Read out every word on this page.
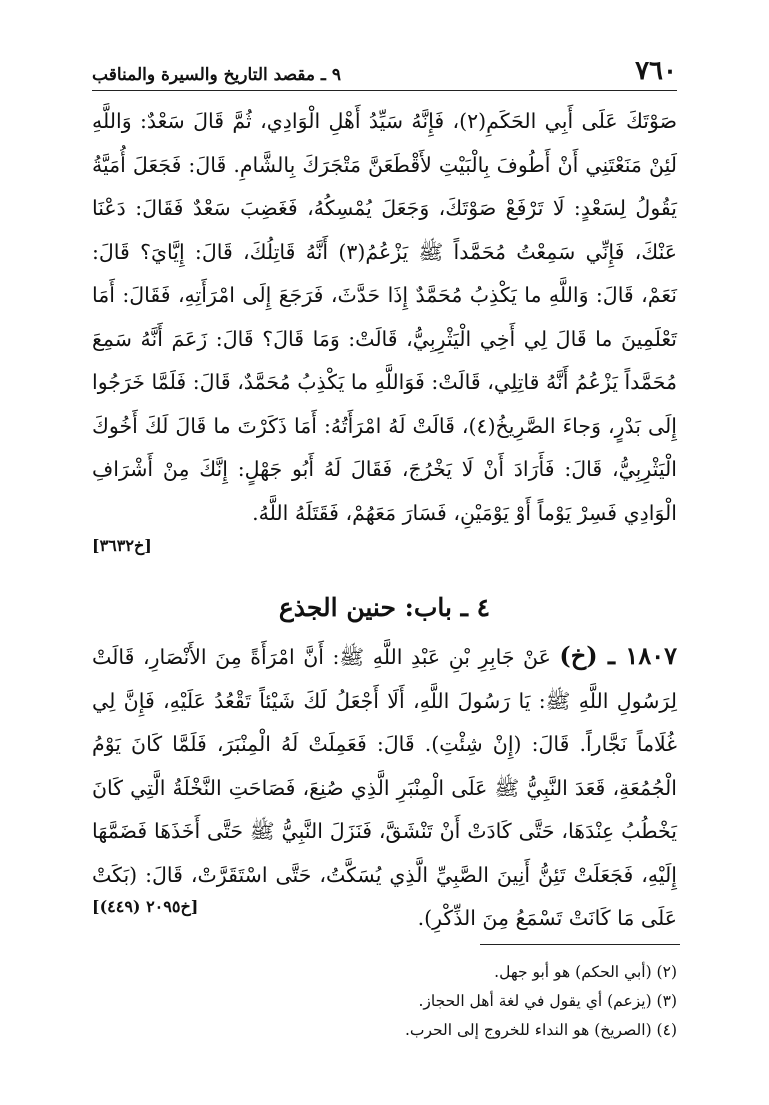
٧٦٠
٩ ـ مقصد التاريخ والسيرة والمناقب

صَوْتَكَ عَلَى أَبِي الحَكَمِ(٢)، فَإِنَّهُ سَيِّدُ أَهْلِ الْوَادِي، ثُمَّ قَالَ سَعْدٌ: وَاللَّهِ لَئِنْ مَنَعْتَنِي أَنْ أَطُوفَ بِالْبَيْتِ لأَقْطَعَنَّ مَتْجَرَكَ بِالشَّامِ. قَالَ: فَجَعَلَ أُمَيَّةُ يَقُولُ لِسَعْدٍ: لَا تَرْفَعْ صَوْتَكَ، وَجَعَلَ يُمْسِكُهُ، فَغَضِبَ سَعْدٌ فَقَالَ: دَعْنَا عَنْكَ، فَإِنِّي سَمِعْتُ مُحَمَّداً ﷺ يَزْعُمُ(٣) أَنَّهُ قَاتِلُكَ، قَالَ: إِيَّايَ؟ قَالَ: نَعَمْ، قَالَ: وَاللَّهِ ما يَكْذِبُ مُحَمَّدٌ إِذَا حَدَّثَ، فَرَجَعَ إِلَى امْرَأَتِهِ، فَقَالَ: أَمَا تَعْلَمِينَ ما قَالَ لِي أَخِي الْيَثْرِبِيُّ، قَالَتْ: وَمَا قَالَ؟ قَالَ: زَعَمَ أَنَّهُ سَمِعَ مُحَمَّداً يَزْعُمُ أَنَّهُ قاتِلِي، قَالَتْ: فَوَاللَّهِ ما يَكْذِبُ مُحَمَّدٌ، قَالَ: فَلَمَّا خَرَجُوا إِلَى بَدْرٍ، وَجاءَ الصَّرِيخُ(٤)، قَالَتْ لَهُ امْرَأَتُهُ: أَمَا ذَكَرْتَ ما قَالَ لَكَ أَخُوكَ الْيَثْرِبِيُّ، قَالَ: فَأَرَادَ أَنْ لَا يَخْرُجَ، فَقَالَ لَهُ أَبُو جَهْلٍ: إِنَّكَ مِنْ أَشْرَافِ الْوَادِي فَسِرْ يَوْماً أَوْ يَوْمَيْنِ، فَسَارَ مَعَهُمْ، فَقَتَلَهُ اللَّهُ.

[خ٣٦٣٢]
٤ ـ باب: حنين الجذع

١٨٠٧ ـ (خ) عَنْ جَابِرِ بْنِ عَبْدِ اللَّهِ ﷺ: أَنَّ امْرَأَةً مِنَ الأَنْصَارِ، قَالَتْ لِرَسُولِ اللَّهِ ﷺ: يَا رَسُولَ اللَّهِ، أَلَا أَجْعَلُ لَكَ شَيْئاً تَقْعُدُ عَلَيْهِ، فَإِنَّ لِي غُلَاماً نَجَّاراً. قَالَ: (إِنْ شِئْتِ). قَالَ: فَعَمِلَتْ لَهُ الْمِنْبَرَ، فَلَمَّا كَانَ يَوْمُ الْجُمُعَةِ، قَعَدَ النَّبِيُّ ﷺ عَلَى الْمِنْبَرِ الَّذِي صُنِعَ، فَصَاحَتِ النَّخْلَةُ الَّتِي كَانَ يَخْطُبُ عِنْدَهَا، حَتَّى كَادَتْ أَنْ تَنْشَقَّ، فَنَزَلَ النَّبِيُّ ﷺ حَتَّى أَخَذَهَا فَضَمَّهَا إِلَيْهِ، فَجَعَلَتْ تَئِنُّ أَنِينَ الصَّبِيِّ الَّذِي يُسَكَّتُ، حَتَّى اسْتَقَرَّتْ، قَالَ: (بَكَتْ عَلَى مَا كَانَتْ تَسْمَعُ مِنَ الذِّكْرِ).

[خ٢٠٩٥ (٤٤٩)]
(٢) (أبي الحكم) هو أبو جهل.
(٣) (يزعم) أي يقول في لغة أهل الحجاز.
(٤) (الصريخ) هو النداء للخروج إلى الحرب.
